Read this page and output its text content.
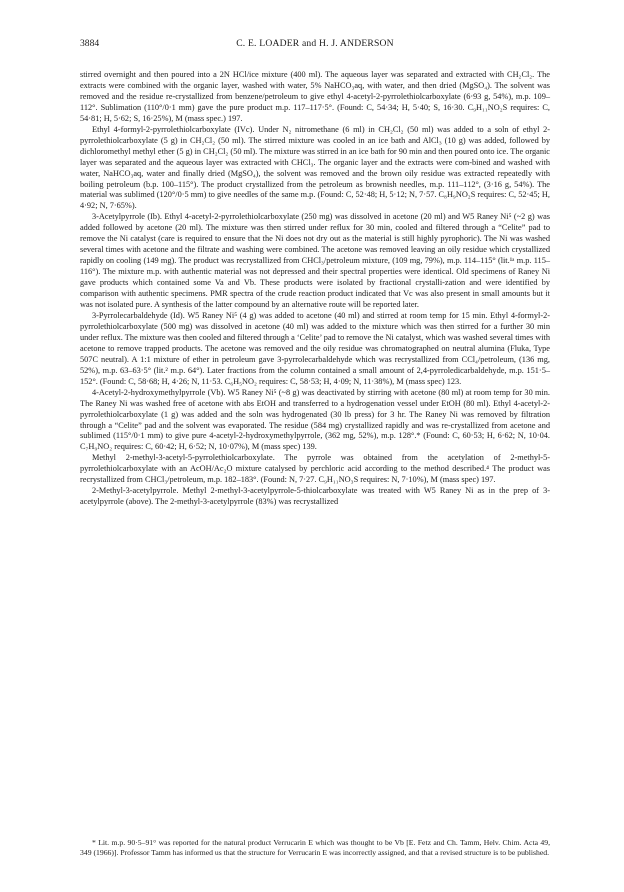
3884	C. E. LOADER and H. J. ANDERSON

stirred overnight and then poured into a 2N HCl/ice mixture (400 ml). The aqueous layer was separated and extracted with CH₂Cl₂. The extracts were combined with the organic layer, washed with water, 5% NaHCO₃aq, with water, and then dried (MgSO₄). The solvent was removed and the residue re-crystallized from benzene/petroleum to give ethyl 4-acetyl-2-pyrrolethiolcarboxylate (6·93 g, 54%), m.p. 109–112°. Sublimation (110°/0·1 mm) gave the pure product m.p. 117–117·5°. (Found: C, 54·34; H, 5·40; S, 16·30. C₉H₁₁NO₂S requires: C, 54·81; H, 5·62; S, 16·25%), M (mass spec.) 197.

Ethyl 4-formyl-2-pyrrolethiolcarboxylate (IVc). Under N₂ nitromethane (6 ml) in CH₂Cl₂ (50 ml) was added to a soln of ethyl 2-pyrrolethiolcarboxylate (5 g) in CH₂Cl₂ (50 ml). The stirred mixture was cooled in an ice bath and AlCl₃ (10 g) was added, followed by dichloromethyl methyl ether (5 g) in CH₂Cl₂ (50 ml). The mixture was stirred in an ice bath for 90 min and then poured onto ice. The organic layer was separated and the aqueous layer was extracted with CHCl₃. The organic layer and the extracts were com-bined and washed with water, NaHCO₃aq, water and finally dried (MgSO₄), the solvent was removed and the brown oily residue was extracted repeatedly with boiling petroleum (b.p. 100–115°). The product crystallized from the petroleum as brownish needles, m.p. 111–112°, (3·16 g, 54%). The material was sublimed (120°/0·5 mm) to give needles of the same m.p. (Found: C, 52·48; H, 5·12; N, 7·57. C₈H₉NO₂S requires: C, 52·45; H, 4·92; N, 7·65%).

3-Acetylpyrrole (Ib). Ethyl 4-acetyl-2-pyrrolethiolcarboxylate (250 mg) was dissolved in acetone (20 ml) and W5 Raney Ni⁵ (~2 g) was added followed by acetone (20 ml). The mixture was then stirred under reflux for 30 min, cooled and filtered through a “Celite” pad to remove the Ni catalyst (care is required to ensure that the Ni does not dry out as the material is still highly pyrophoric). The Ni was washed several times with acetone and the filtrate and washing were combined. The acetone was removed leaving an oily residue which crystallized rapidly on cooling (149 mg). The product was recrystallized from CHCl₃/petroleum mixture, (109 mg, 79%), m.p. 114–115° (lit.¹ᵃ m.p. 115–116°). The mixture m.p. with authentic material was not depressed and their spectral properties were identical. Old specimens of Raney Ni gave products which contained some Va and Vb. These products were isolated by fractional crystalli-zation and were identified by comparison with authentic specimens. PMR spectra of the crude reaction product indicated that Vc was also present in small amounts but it was not isolated pure. A synthesis of the latter compound by an alternative route will be reported later.

3-Pyrrolecarbaldehyde (Id). W5 Raney Ni⁵ (4 g) was added to acetone (40 ml) and stirred at room temp for 15 min. Ethyl 4-formyl-2-pyrrolethiolcarboxylate (500 mg) was dissolved in acetone (40 ml) was added to the mixture which was then stirred for a further 30 min under reflux. The mixture was then cooled and filtered through a ‘Celite’ pad to remove the Ni catalyst, which was washed several times with acetone to remove trapped products. The acetone was removed and the oily residue was chromatographed on neutral alumina (Fluka, Type 507C neutral). A 1:1 mixture of ether in petroleum gave 3-pyrrolecarbaldehyde which was recrystallized from CCl₄/petroleum, (136 mg, 52%), m.p. 63–63·5° (lit.² m.p. 64°). Later fractions from the column contained a small amount of 2,4-pyrroledicarbaldehyde, m.p. 151·5–152°. (Found: C, 58·68; H, 4·26; N, 11·53. C₆H₅NO₂ requires: C, 58·53; H, 4·09; N, 11·38%), M (mass spec) 123.

4-Acetyl-2-hydroxymethylpyrrole (Vb). W5 Raney Ni⁵ (~8 g) was deactivated by stirring with acetone (80 ml) at room temp for 30 min. The Raney Ni was washed free of acetone with abs EtOH and transferred to a hydrogenation vessel under EtOH (80 ml). Ethyl 4-acetyl-2-pyrrolethiolcarboxylate (1 g) was added and the soln was hydrogenated (30 lb press) for 3 hr. The Raney Ni was removed by filtration through a “Celite” pad and the solvent was evaporated. The residue (584 mg) crystallized rapidly and was re-crystallized from acetone and sublimed (115°/0·1 mm) to give pure 4-acetyl-2-hydroxymethylpyrrole, (362 mg, 52%), m.p. 128°.* (Found: C, 60·53; H, 6·62; N, 10·04. C₇H₉NO₂ requires: C, 60·42; H, 6·52; N, 10·07%), M (mass spec) 139.

Methyl 2-methyl-3-acetyl-5-pyrrolethiolcarboxylate. The pyrrole was obtained from the acetylation of 2-methyl-5-pyrrolethiolcarboxylate with an AcOH/Ac₂O mixture catalysed by perchloric acid according to the method described.⁴ The product was recrystallized from CHCl₃/petroleum, m.p. 182–183°. (Found: N, 7·27. C₉H₁₁NO₃S requires: N, 7·10%), M (mass spec) 197.

2-Methyl-3-acetylpyrrole. Methyl 2-methyl-3-acetylpyrrole-5-thiolcarboxylate was treated with W5 Raney Ni as in the prep of 3-acetylpyrrole (above). The 2-methyl-3-acetylpyrrole (83%) was recrystallized

* Lit. m.p. 90·5–91° was reported for the natural product Verrucarin E which was thought to be Vb [E. Fetz and Ch. Tamm, Helv. Chim. Acta 49, 349 (1966)]. Professor Tamm has informed us that the structure for Verrucarin E was incorrectly assigned, and that a revised structure is to be published.
